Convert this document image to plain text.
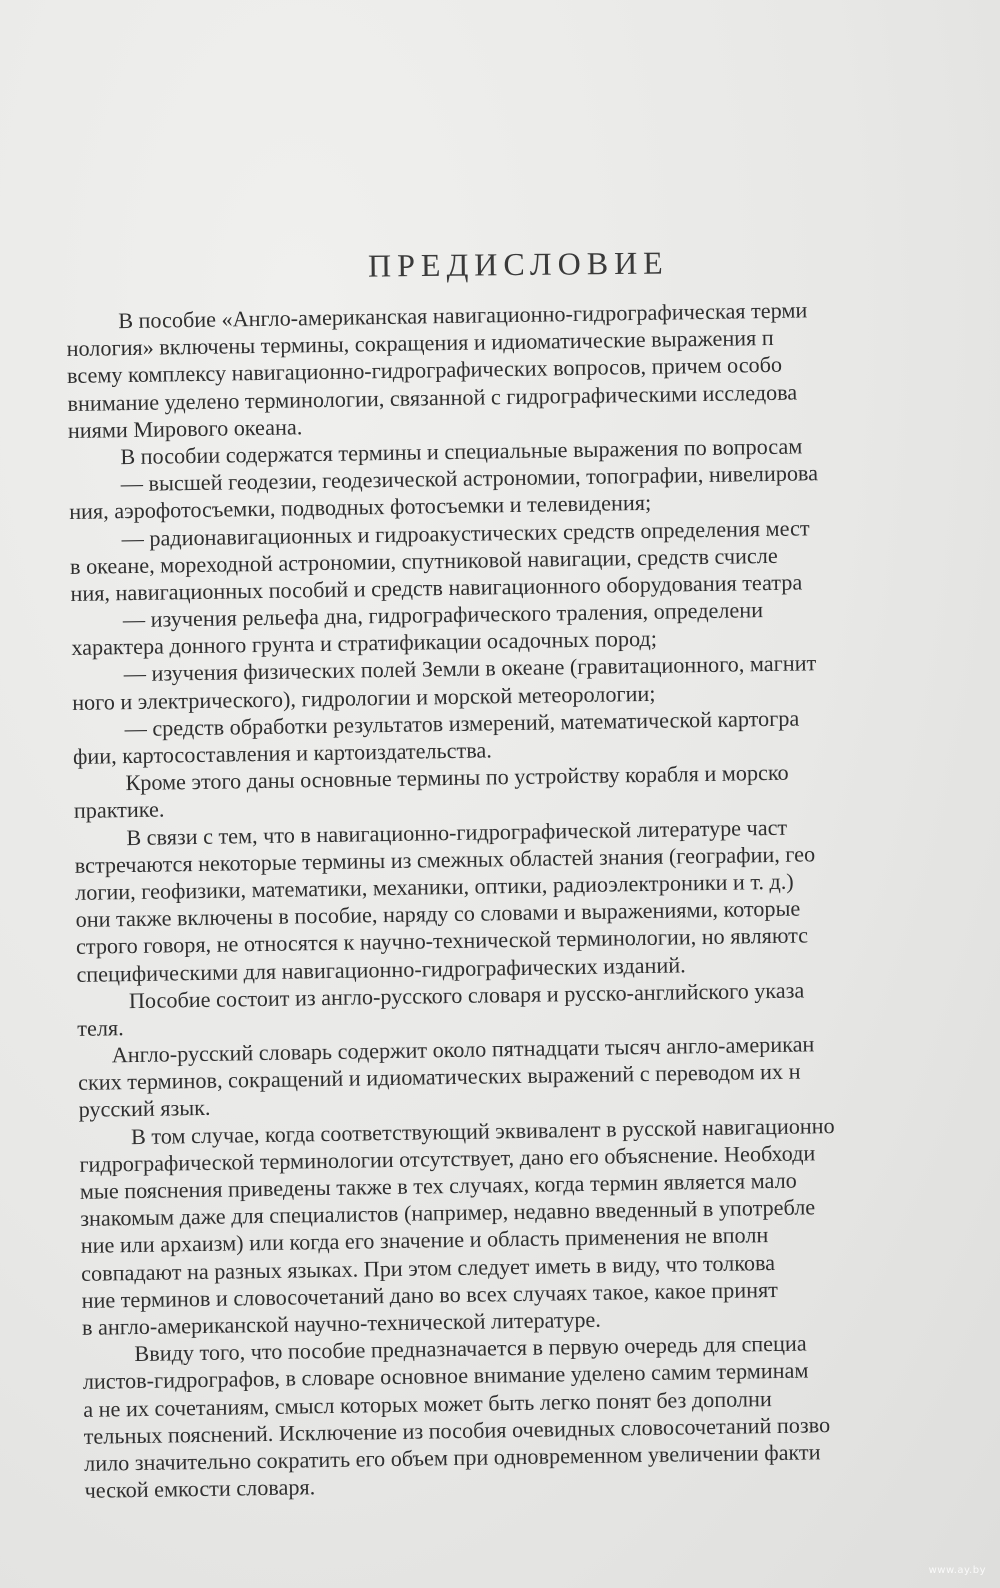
ПРЕДИСЛОВИЕ
В пособие «Англо-американская навигационно-гидрографическая терми
нология» включены термины, сокращения и идиоматические выражения п
всему комплексу навигационно-гидрографических вопросов, причем особо
внимание уделено терминологии, связанной с гидрографическими исследова
ниями Мирового океана.
В пособии содержатся термины и специальные выражения по вопросам
— высшей геодезии, геодезической астрономии, топографии, нивелирова
ния, аэрофотосъемки, подводных фотосъемки и телевидения;
— радионавигационных и гидроакустических средств определения мест
в океане, мореходной астрономии, спутниковой навигации, средств счисле
ния, навигационных пособий и средств навигационного оборудования театра
— изучения рельефа дна, гидрографического траления, определени
характера донного грунта и стратификации осадочных пород;
— изучения физических полей Земли в океане (гравитационного, магнит
ного и электрического), гидрологии и морской метеорологии;
— средств обработки результатов измерений, математической картогра
фии, картосоставления и картоиздательства.
Кроме этого даны основные термины по устройству корабля и морско
практике.
В связи с тем, что в навигационно-гидрографической литературе част
встречаются некоторые термины из смежных областей знания (географии, гео
логии, геофизики, математики, механики, оптики, радиоэлектроники и т. д.)
они также включены в пособие, наряду со словами и выражениями, которые
строго говоря, не относятся к научно-технической терминологии, но являютс
специфическими для навигационно-гидрографических изданий.
Пособие состоит из англо-русского словаря и русско-английского указа
теля.
Англо-русский словарь содержит около пятнадцати тысяч англо-американ
ских терминов, сокращений и идиоматических выражений с переводом их н
русский язык.
В том случае, когда соответствующий эквивалент в русской навигационно
гидрографической терминологии отсутствует, дано его объяснение. Необходи
мые пояснения приведены также в тех случаях, когда термин является мало
знакомым даже для специалистов (например, недавно введенный в употребле
ние или архаизм) или когда его значение и область применения не вполн
совпадают на разных языках. При этом следует иметь в виду, что толкова
ние терминов и словосочетаний дано во всех случаях такое, какое принят
в англо-американской научно-технической литературе.
Ввиду того, что пособие предназначается в первую очередь для специа
листов-гидрографов, в словаре основное внимание уделено самим терминам
а не их сочетаниям, смысл которых может быть легко понят без дополни
тельных пояснений. Исключение из пособия очевидных словосочетаний позво
лило значительно сократить его объем при одновременном увеличении факти
ческой емкости словаря.
www.ay.by
